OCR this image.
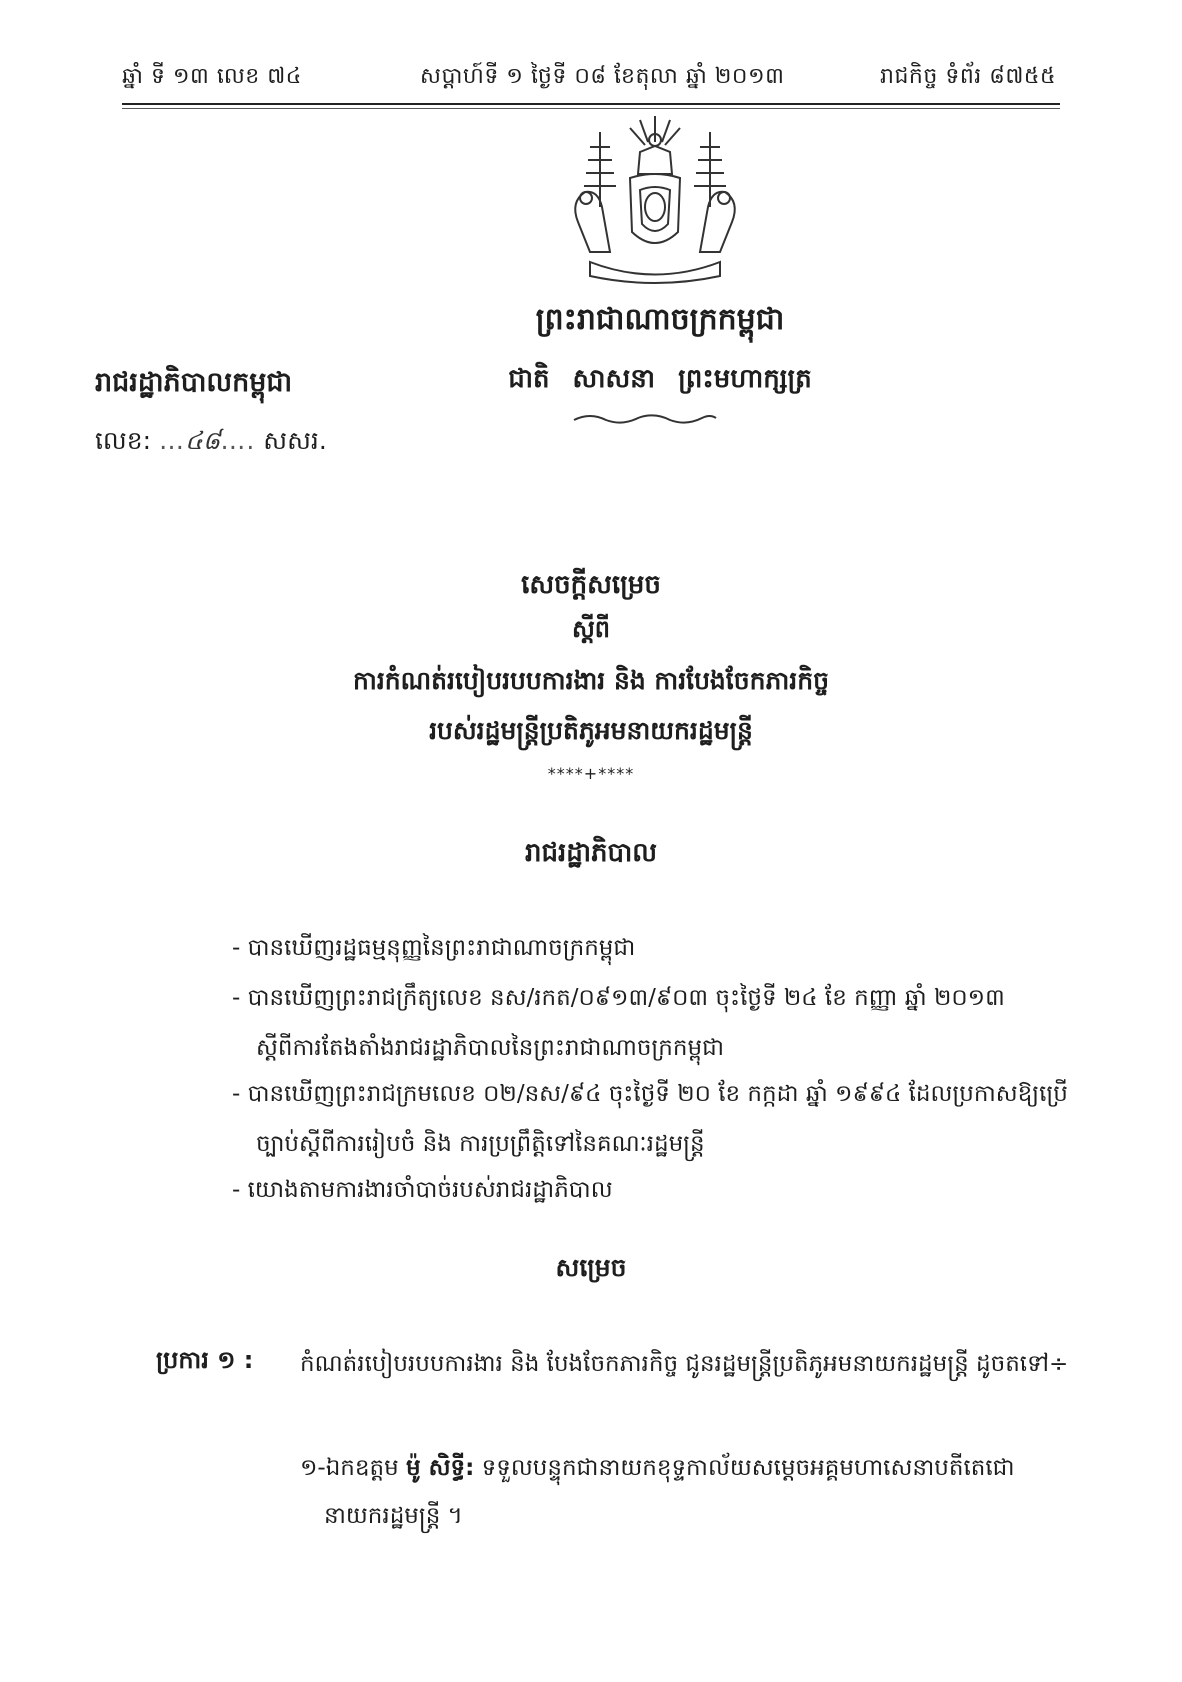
ឆ្នាំ ទី ១៣ លេខ ៧៤	សប្តាហ៍ទី ១ ថ្ងៃទី ០៨ ខែតុលា ឆ្នាំ ២០១៣	រាជកិច្ច ទំព័រ ៨៧៥៥
ព្រះរាជាណាចក្រកម្ពុជា
ជាតិ សាសនា ព្រះមហាក្សត្រ
រាជរដ្ឋាភិបាលកម្ពុជា
លេខ: …៤៨…. សសរ.
សេចក្តីសម្រេច
ស្តីពី
ការកំណត់របៀបរបបការងារ និង ការបែងចែកភារកិច្ច
របស់រដ្ឋមន្ត្រីប្រតិភូអមនាយករដ្ឋមន្ត្រី
****+****
រាជរដ្ឋាភិបាល
- បានឃើញរដ្ឋធម្មនុញ្ញនៃព្រះរាជាណាចក្រកម្ពុជា
- បានឃើញព្រះរាជក្រឹត្យលេខ នស/រកត/០៩១៣/៩០៣ ចុះថ្ងៃទី ២៤ ខែ កញ្ញា ឆ្នាំ ២០១៣
ស្តីពីការតែងតាំងរាជរដ្ឋាភិបាលនៃព្រះរាជាណាចក្រកម្ពុជា
- បានឃើញព្រះរាជក្រមលេខ ០២/នស/៩៤ ចុះថ្ងៃទី ២០ ខែ កក្កដា ឆ្នាំ ១៩៩៤ ដែលប្រកាសឱ្យប្រើ
ច្បាប់ស្តីពីការរៀបចំ និង ការប្រព្រឹត្តិទៅនៃគណៈរដ្ឋមន្ត្រី
- យោងតាមការងារចាំបាច់របស់រាជរដ្ឋាភិបាល
សម្រេច
ប្រការ ១ : កំណត់របៀបរបបការងារ និង បែងចែកភារកិច្ច ជូនរដ្ឋមន្ត្រីប្រតិភូអមនាយករដ្ឋមន្ត្រី ដូចតទៅ÷
១-ឯកឧត្តម ម៉ូ សិទ្ធី: ទទួលបន្ទុកជានាយកខុទ្ទកាល័យសម្តេចអគ្គមហាសេនាបតីតេជោ
នាយករដ្ឋមន្ត្រី ។
